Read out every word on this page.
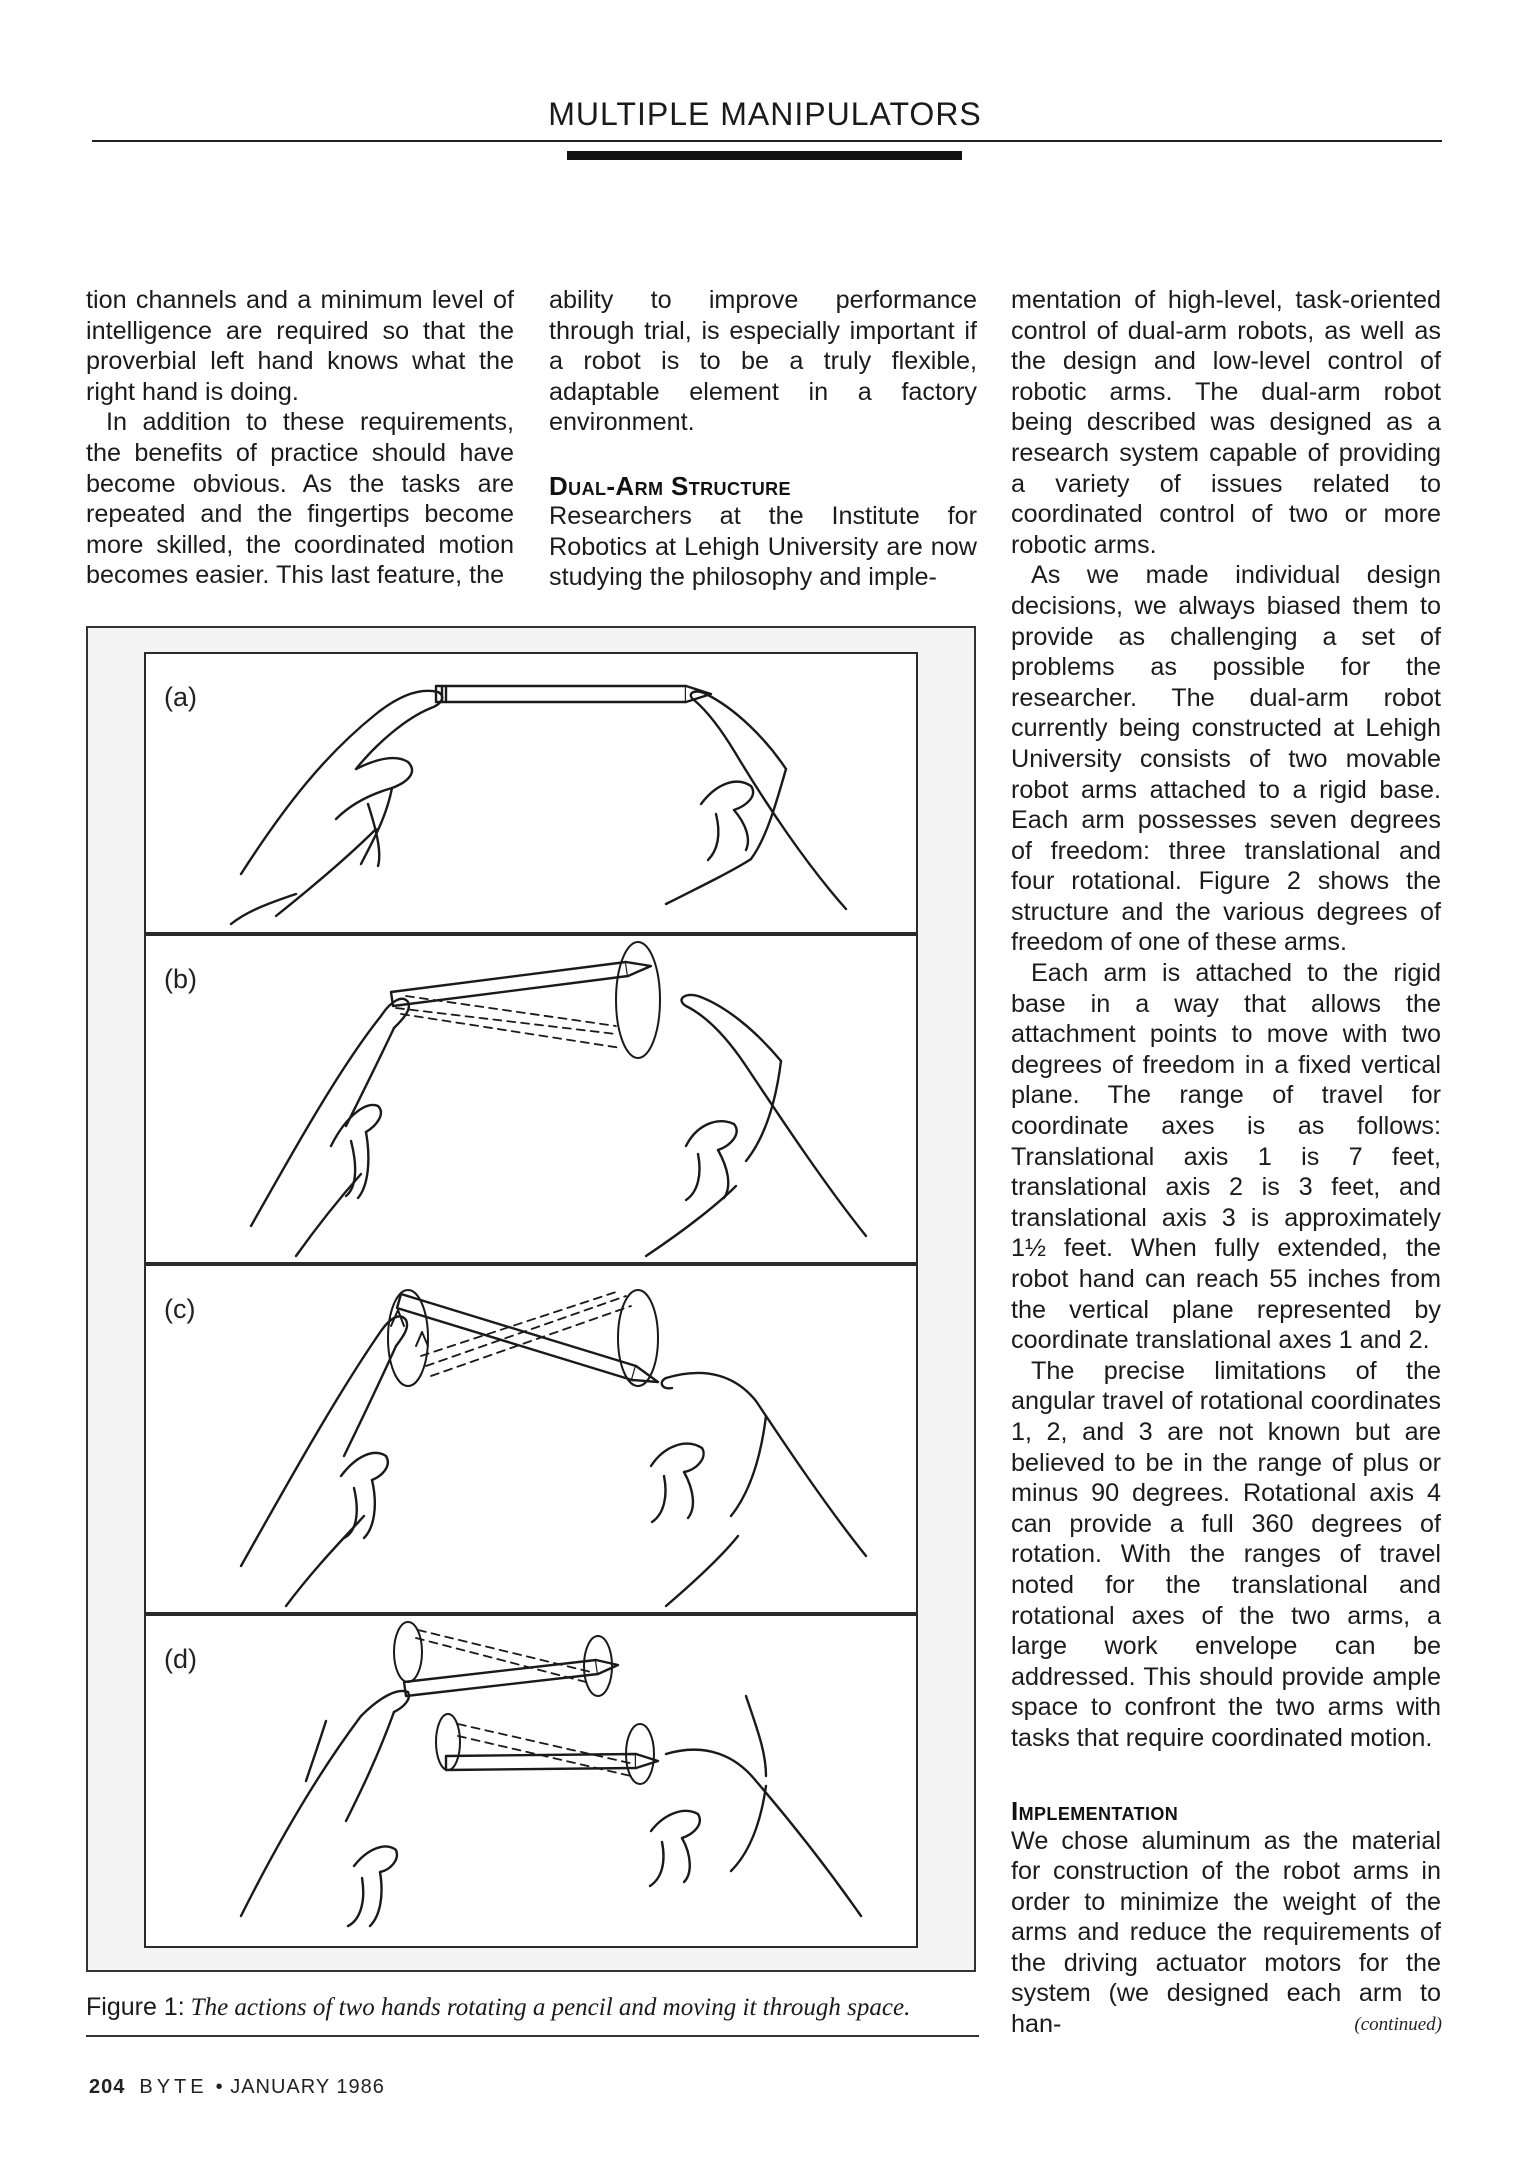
MULTIPLE MANIPULATORS

tion channels and a minimum level of intelligence are required so that the proverbial left hand knows what the right hand is doing.

In addition to these requirements, the benefits of practice should have become obvious. As the tasks are repeated and the fingertips become more skilled, the coordinated motion becomes easier. This last feature, the

ability to improve performance through trial, is especially important if a robot is to be a truly flexible, adaptable element in a factory environment.

Dual-Arm Structure

Researchers at the Institute for Robotics at Lehigh University are now studying the philosophy and imple-

mentation of high-level, task-oriented control of dual-arm robots, as well as the design and low-level control of robotic arms. The dual-arm robot being described was designed as a research system capable of providing a variety of issues related to coordinated control of two or more robotic arms.

As we made individual design decisions, we always biased them to provide as challenging a set of problems as possible for the researcher. The dual-arm robot currently being constructed at Lehigh University consists of two movable robot arms attached to a rigid base. Each arm possesses seven degrees of freedom: three translational and four rotational. Figure 2 shows the structure and the various degrees of freedom of one of these arms.

Each arm is attached to the rigid base in a way that allows the attachment points to move with two degrees of freedom in a fixed vertical plane. The range of travel for coordinate axes is as follows: Translational axis 1 is 7 feet, translational axis 2 is 3 feet, and translational axis 3 is approximately 1½ feet. When fully extended, the robot hand can reach 55 inches from the vertical plane represented by coordinate translational axes 1 and 2.

The precise limitations of the angular travel of rotational coordinates 1, 2, and 3 are not known but are believed to be in the range of plus or minus 90 degrees. Rotational axis 4 can provide a full 360 degrees of rotation. With the ranges of travel noted for the translational and rotational axes of the two arms, a large work envelope can be addressed. This should provide ample space to confront the two arms with tasks that require coordinated motion.

Implementation

We chose aluminum as the material for construction of the robot arms in order to minimize the weight of the arms and reduce the requirements of the driving actuator motors for the system (we designed each arm to han-	(continued)
(a)
(b)
(c)
(d)
Figure 1: The actions of two hands rotating a pencil and moving it through space.
204 BYTE • JANUARY 1986
